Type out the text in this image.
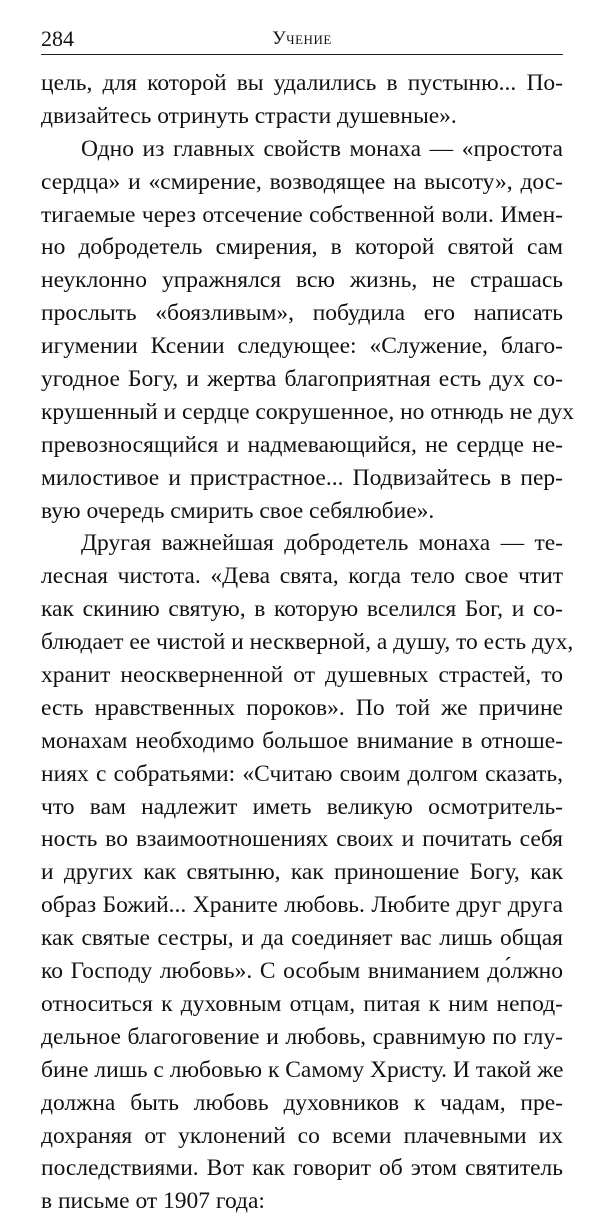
284	Учение
цель, для которой вы удалились в пустыню... По-
двизайтесь отринуть страсти душевные».
Одно из главных свойств монаха — «простота
сердца» и «смирение, возводящее на высоту», дос-
тигаемые через отсечение собственной воли. Имен-
но добродетель смирения, в которой святой сам
неуклонно упражнялся всю жизнь, не страшась
прослыть «боязливым», побудила его написать
игумении Ксении следующее: «Служение, благо-
угодное Богу, и жертва благоприятная есть дух со-
крушенный и сердце сокрушенное, но отнюдь не дух
превозносящийся и надмевающийся, не сердце не-
милостивое и пристрастное... Подвизайтесь в пер-
вую очередь смирить свое себялюбие».
Другая важнейшая добродетель монаха — те-
лесная чистота. «Дева свята, когда тело свое чтит
как скинию святую, в которую вселился Бог, и со-
блюдает ее чистой и нескверной, а душу, то есть дух,
хранит неоскверненной от душевных страстей, то
есть нравственных пороков». По той же причине
монахам необходимо большое внимание в отноше-
ниях с собратьями: «Считаю своим долгом сказать,
что вам надлежит иметь великую осмотритель-
ность во взаимоотношениях своих и почитать себя
и других как святыню, как приношение Богу, как
образ Божий... Храните любовь. Любите друг друга
как святые сестры, и да соединяет вас лишь общая
ко Господу любовь». С особым вниманием до́лжно
относиться к духовным отцам, питая к ним непод-
дельное благоговение и любовь, сравнимую по глу-
бине лишь с любовью к Самому Христу. И такой же
должна быть любовь духовников к чадам, пре-
дохраняя от уклонений со всеми плачевными их
последствиями. Вот как говорит об этом святитель
в письме от 1907 года:
